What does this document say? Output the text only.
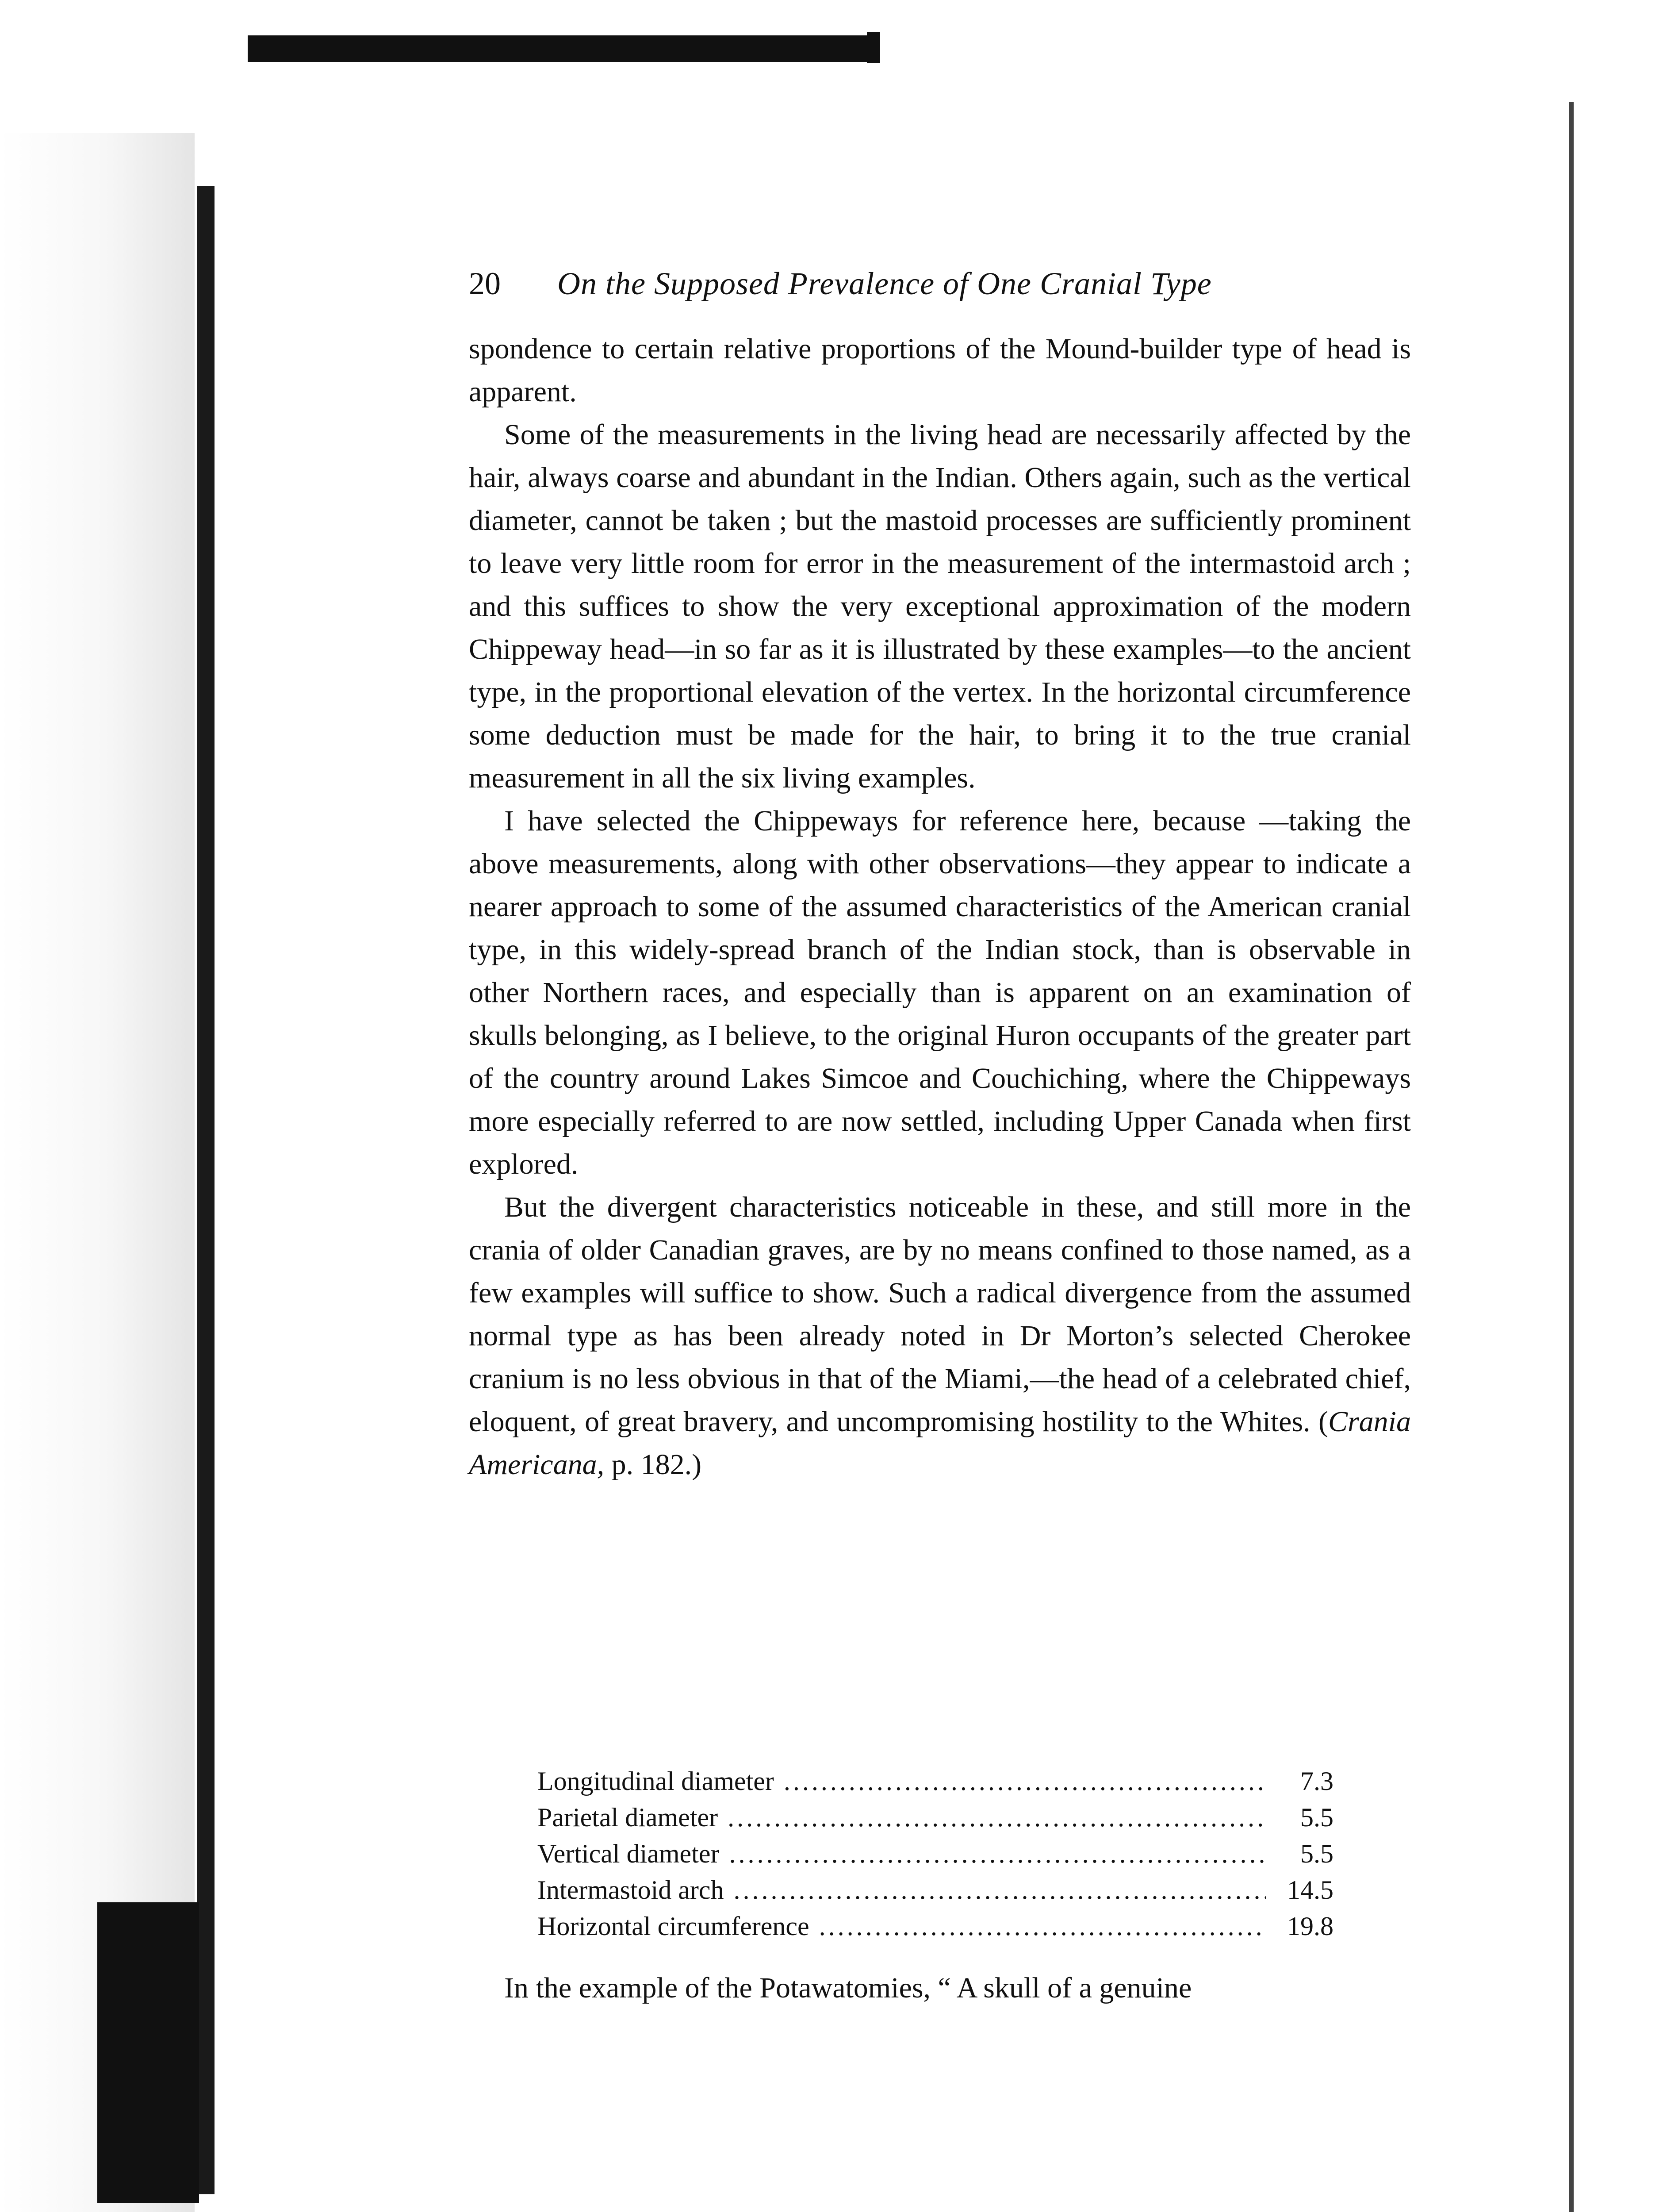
20 On the Supposed Prevalence of One Cranial Type

spondence to certain relative proportions of the Mound-builder type of head is apparent.

Some of the measurements in the living head are necessarily affected by the hair, always coarse and abundant in the Indian. Others again, such as the vertical diameter, cannot be taken ; but the mastoid processes are sufficiently prominent to leave very little room for error in the measurement of the intermastoid arch ; and this suffices to show the very exceptional approximation of the modern Chippeway head—in so far as it is illustrated by these examples—to the ancient type, in the proportional elevation of the vertex. In the horizontal circumference some deduction must be made for the hair, to bring it to the true cranial measurement in all the six living examples.

I have selected the Chippeways for reference here, because —taking the above measurements, along with other observations—they appear to indicate a nearer approach to some of the assumed characteristics of the American cranial type, in this widely-spread branch of the Indian stock, than is observable in other Northern races, and especially than is apparent on an examination of skulls belonging, as I believe, to the original Huron occupants of the greater part of the country around Lakes Simcoe and Couchiching, where the Chippeways more especially referred to are now settled, including Upper Canada when first explored.

But the divergent characteristics noticeable in these, and still more in the crania of older Canadian graves, are by no means confined to those named, as a few examples will suffice to show. Such a radical divergence from the assumed normal type as has been already noted in Dr Morton’s selected Cherokee cranium is no less obvious in that of the Miami,—the head of a celebrated chief, eloquent, of great bravery, and uncompromising hostility to the Whites. (Crania Americana, p. 182.)

Longitudinal diameter .....	7.3
Parietal diameter .....	5.5
Vertical diameter .....	5.5
Intermastoid arch .....	14.5
Horizontal circumference .....	19.8
In the example of the Potawatomies, “ A skull of a genuine
